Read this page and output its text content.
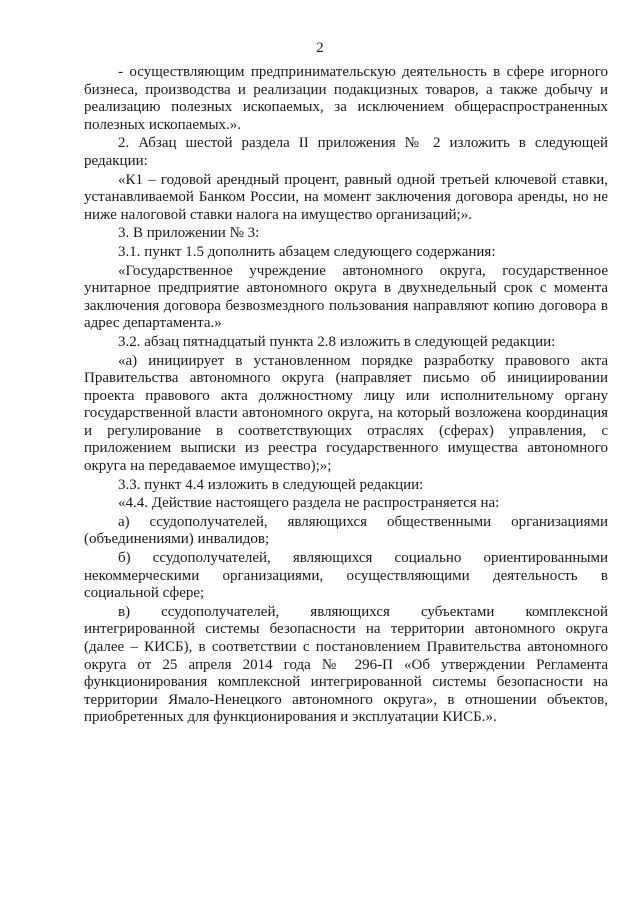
2

- осуществляющим предпринимательскую деятельность в сфере игорного бизнеса, производства и реализации подакцизных товаров, а также добычу и реализацию полезных ископаемых, за исключением общераспространенных полезных ископаемых.».

2. Абзац шестой раздела II приложения № 2 изложить в следующей редакции:

«К1 – годовой арендный процент, равный одной третьей ключевой ставки, устанавливаемой Банком России, на момент заключения договора аренды, но не ниже налоговой ставки налога на имущество организаций;».

3. В приложении № 3:

3.1. пункт 1.5 дополнить абзацем следующего содержания:

«Государственное учреждение автономного округа, государственное унитарное предприятие автономного округа в двухнедельный срок с момента заключения договора безвозмездного пользования направляют копию договора в адрес департамента.»

3.2. абзац пятнадцатый пункта 2.8 изложить в следующей редакции:

«а) инициирует в установленном порядке разработку правового акта Правительства автономного округа (направляет письмо об инициировании проекта правового акта должностному лицу или исполнительному органу государственной власти автономного округа, на который возложена координация и регулирование в соответствующих отраслях (сферах) управления, с приложением выписки из реестра государственного имущества автономного округа на передаваемое имущество);»;

3.3. пункт 4.4 изложить в следующей редакции:

«4.4. Действие настоящего раздела не распространяется на:

а) ссудополучателей, являющихся общественными организациями (объединениями) инвалидов;

б) ссудополучателей, являющихся социально ориентированными некоммерческими организациями, осуществляющими деятельность в социальной сфере;

в) ссудополучателей, являющихся субъектами комплексной интегрированной системы безопасности на территории автономного округа (далее – КИСБ), в соответствии с постановлением Правительства автономного округа от 25 апреля 2014 года № 296-П «Об утверждении Регламента функционирования комплексной интегрированной системы безопасности на территории Ямало-Ненецкого автономного округа», в отношении объектов, приобретенных для функционирования и эксплуатации КИСБ.».
